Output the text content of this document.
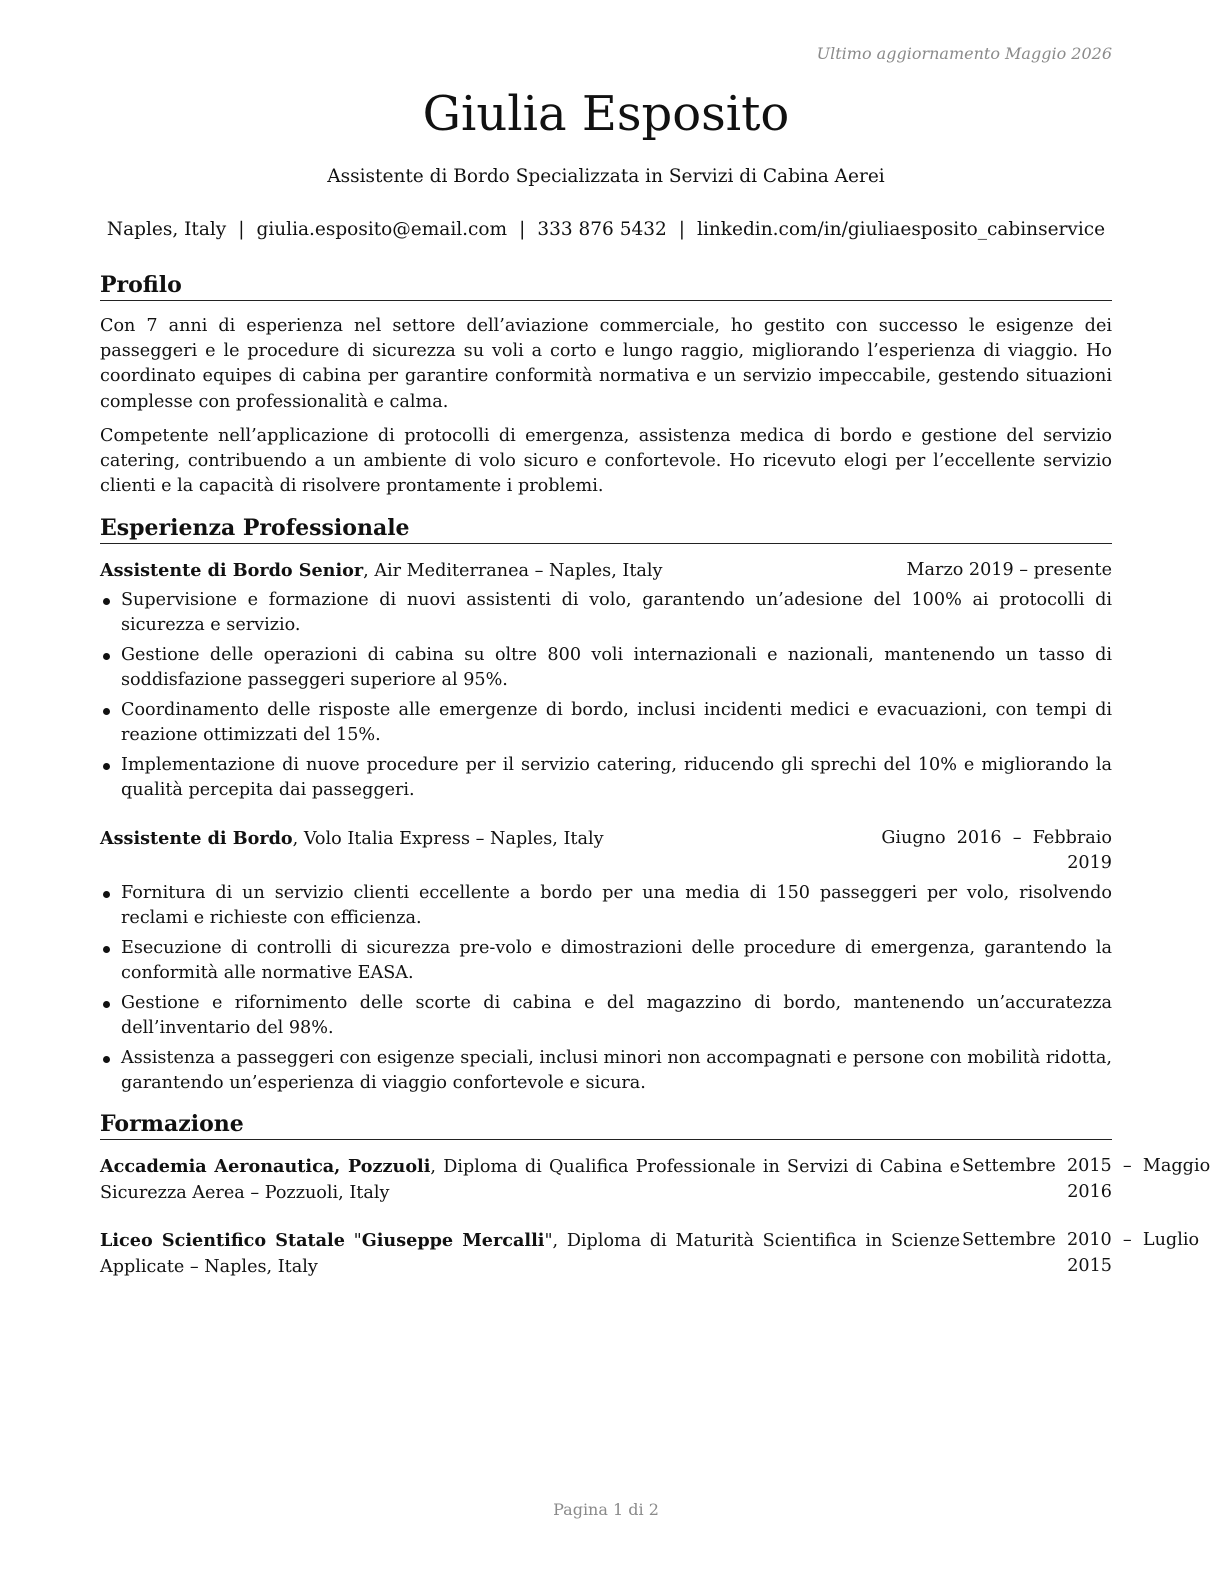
Ultimo aggiornamento Maggio 2026
Giulia Esposito
Assistente di Bordo Specializzata in Servizi di Cabina Aerei
Naples, Italy | giulia.esposito@email.com | 333 876 5432 | linkedin.com/in/giuliaesposito_cabinservice
Profilo
Con 7 anni di esperienza nel settore dell’aviazione commerciale, ho gestito con successo le esigenze dei passeggeri e le procedure di sicurezza su voli a corto e lungo raggio, migliorando l’esperienza di viaggio. Ho coordinato equipes di cabina per garantire conformità normativa e un servizio impeccabile, gestendo situazioni complesse con professionalità e calma.
Competente nell’applicazione di protocolli di emergenza, assistenza medica di bordo e gestione del servizio catering, contribuendo a un ambiente di volo sicuro e confortevole. Ho ricevuto elogi per l’eccellente servizio clienti e la capacità di risolvere prontamente i problemi.
Esperienza Professionale
Assistente di Bordo Senior, Air Mediterranea – Naples, Italy	Marzo 2019 – presente
Supervisione e formazione di nuovi assistenti di volo, garantendo un’adesione del 100% ai protocolli di sicurezza e servizio.
Gestione delle operazioni di cabina su oltre 800 voli internazionali e nazionali, mantenendo un tasso di soddisfazione passeggeri superiore al 95%.
Coordinamento delle risposte alle emergenze di bordo, inclusi incidenti medici e evacuazioni, con tempi di reazione ottimizzati del 15%.
Implementazione di nuove procedure per il servizio catering, riducendo gli sprechi del 10% e migliorando la qualità percepita dai passeggeri.
Assistente di Bordo, Volo Italia Express – Naples, Italy	Giugno  2016  –  Febbraio
2019
Fornitura di un servizio clienti eccellente a bordo per una media di 150 passeggeri per volo, risolvendo reclami e richieste con efficienza.
Esecuzione di controlli di sicurezza pre-volo e dimostrazioni delle procedure di emergenza, garantendo la conformità alle normative EASA.
Gestione e rifornimento delle scorte di cabina e del magazzino di bordo, mantenendo un’accuratezza dell’inventario del 98%.
Assistenza a passeggeri con esigenze speciali, inclusi minori non accompagnati e persone con mobilità ridotta, garantendo un’esperienza di viaggio confortevole e sicura.
Formazione
Accademia Aeronautica, Pozzuoli, Diploma di Qualifica Professionale in Servizi di Cabina e Sicurezza Aerea – Pozzuoli, Italy
Settembre  2015  –  Maggio
2016
Liceo Scientifico Statale "Giuseppe Mercalli", Diploma di Maturità Scientifica in Scienze Applicate – Naples, Italy
Settembre  2010  –  Luglio
2015
Pagina 1 di 2
